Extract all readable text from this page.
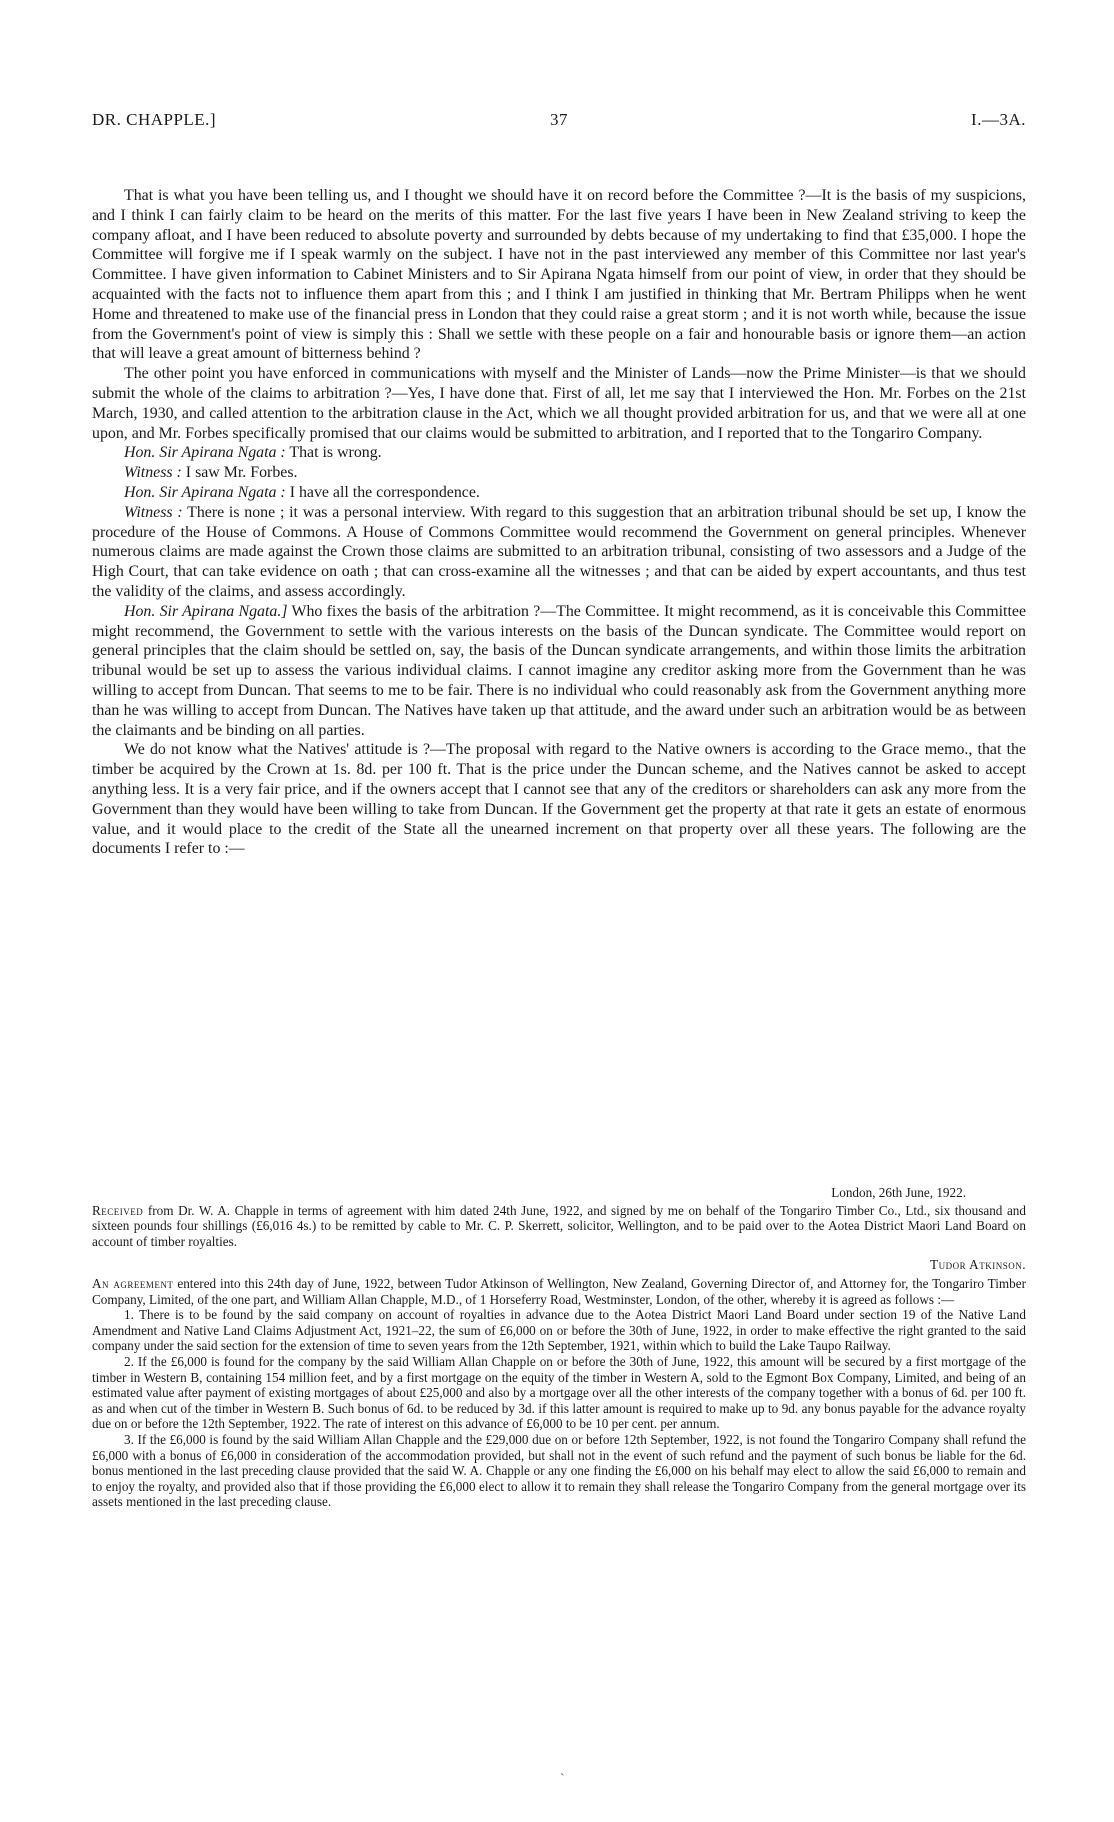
DR. CHAPPLE.]	37	I.—3A.

That is what you have been telling us, and I thought we should have it on record before the Committee ?—It is the basis of my suspicions, and I think I can fairly claim to be heard on the merits of this matter. For the last five years I have been in New Zealand striving to keep the company afloat, and I have been reduced to absolute poverty and surrounded by debts because of my undertaking to find that £35,000. I hope the Committee will forgive me if I speak warmly on the subject. I have not in the past interviewed any member of this Committee nor last year's Committee. I have given information to Cabinet Ministers and to Sir Apirana Ngata himself from our point of view, in order that they should be acquainted with the facts not to influence them apart from this ; and I think I am justified in thinking that Mr. Bertram Philipps when he went Home and threatened to make use of the financial press in London that they could raise a great storm ; and it is not worth while, because the issue from the Government's point of view is simply this : Shall we settle with these people on a fair and honourable basis or ignore them—an action that will leave a great amount of bitterness behind ?

The other point you have enforced in communications with myself and the Minister of Lands—now the Prime Minister—is that we should submit the whole of the claims to arbitration ?—Yes, I have done that. First of all, let me say that I interviewed the Hon. Mr. Forbes on the 21st March, 1930, and called attention to the arbitration clause in the Act, which we all thought provided arbitration for us, and that we were all at one upon, and Mr. Forbes specifically promised that our claims would be submitted to arbitration, and I reported that to the Tongariro Company.

Hon. Sir Apirana Ngata : That is wrong.

Witness : I saw Mr. Forbes.

Hon. Sir Apirana Ngata : I have all the correspondence.

Witness : There is none ; it was a personal interview. With regard to this suggestion that an arbitration tribunal should be set up, I know the procedure of the House of Commons. A House of Commons Committee would recommend the Government on general principles. Whenever numerous claims are made against the Crown those claims are submitted to an arbitration tribunal, consisting of two assessors and a Judge of the High Court, that can take evidence on oath ; that can cross-examine all the witnesses ; and that can be aided by expert accountants, and thus test the validity of the claims, and assess accordingly.

Hon. Sir Apirana Ngata.] Who fixes the basis of the arbitration ?—The Committee. It might recommend, as it is conceivable this Committee might recommend, the Government to settle with the various interests on the basis of the Duncan syndicate. The Committee would report on general principles that the claim should be settled on, say, the basis of the Duncan syndicate arrangements, and within those limits the arbitration tribunal would be set up to assess the various individual claims. I cannot imagine any creditor asking more from the Government than he was willing to accept from Duncan. That seems to me to be fair. There is no individual who could reasonably ask from the Government anything more than he was willing to accept from Duncan. The Natives have taken up that attitude, and the award under such an arbitration would be as between the claimants and be binding on all parties.

We do not know what the Natives' attitude is ?—The proposal with regard to the Native owners is according to the Grace memo., that the timber be acquired by the Crown at 1s. 8d. per 100 ft. That is the price under the Duncan scheme, and the Natives cannot be asked to accept anything less. It is a very fair price, and if the owners accept that I cannot see that any of the creditors or shareholders can ask any more from the Government than they would have been willing to take from Duncan. If the Government get the property at that rate it gets an estate of enormous value, and it would place to the credit of the State all the unearned increment on that property over all these years. The following are the documents I refer to :—

London, 26th June, 1922.

Received from Dr. W. A. Chapple in terms of agreement with him dated 24th June, 1922, and signed by me on behalf of the Tongariro Timber Co., Ltd., six thousand and sixteen pounds four shillings (£6,016 4s.) to be remitted by cable to Mr. C. P. Skerrett, solicitor, Wellington, and to be paid over to the Aotea District Maori Land Board on account of timber royalties.

Tudor Atkinson.

An agreement entered into this 24th day of June, 1922, between Tudor Atkinson of Wellington, New Zealand, Governing Director of, and Attorney for, the Tongariro Timber Company, Limited, of the one part, and William Allan Chapple, M.D., of 1 Horseferry Road, Westminster, London, of the other, whereby it is agreed as follows :—

1. There is to be found by the said company on account of royalties in advance due to the Aotea District Maori Land Board under section 19 of the Native Land Amendment and Native Land Claims Adjustment Act, 1921–22, the sum of £6,000 on or before the 30th of June, 1922, in order to make effective the right granted to the said company under the said section for the extension of time to seven years from the 12th September, 1921, within which to build the Lake Taupo Railway.

2. If the £6,000 is found for the company by the said William Allan Chapple on or before the 30th of June, 1922, this amount will be secured by a first mortgage of the timber in Western B, containing 154 million feet, and by a first mortgage on the equity of the timber in Western A, sold to the Egmont Box Company, Limited, and being of an estimated value after payment of existing mortgages of about £25,000 and also by a mortgage over all the other interests of the company together with a bonus of 6d. per 100 ft. as and when cut of the timber in Western B. Such bonus of 6d. to be reduced by 3d. if this latter amount is required to make up to 9d. any bonus payable for the advance royalty due on or before the 12th September, 1922. The rate of interest on this advance of £6,000 to be 10 per cent. per annum.

3. If the £6,000 is found by the said William Allan Chapple and the £29,000 due on or before 12th September, 1922, is not found the Tongariro Company shall refund the £6,000 with a bonus of £6,000 in consideration of the accommodation provided, but shall not in the event of such refund and the payment of such bonus be liable for the 6d. bonus mentioned in the last preceding clause provided that the said W. A. Chapple or any one finding the £6,000 on his behalf may elect to allow the said £6,000 to remain and to enjoy the royalty, and provided also that if those providing the £6,000 elect to allow it to remain they shall release the Tongariro Company from the general mortgage over its assets mentioned in the last preceding clause.

ˋ
